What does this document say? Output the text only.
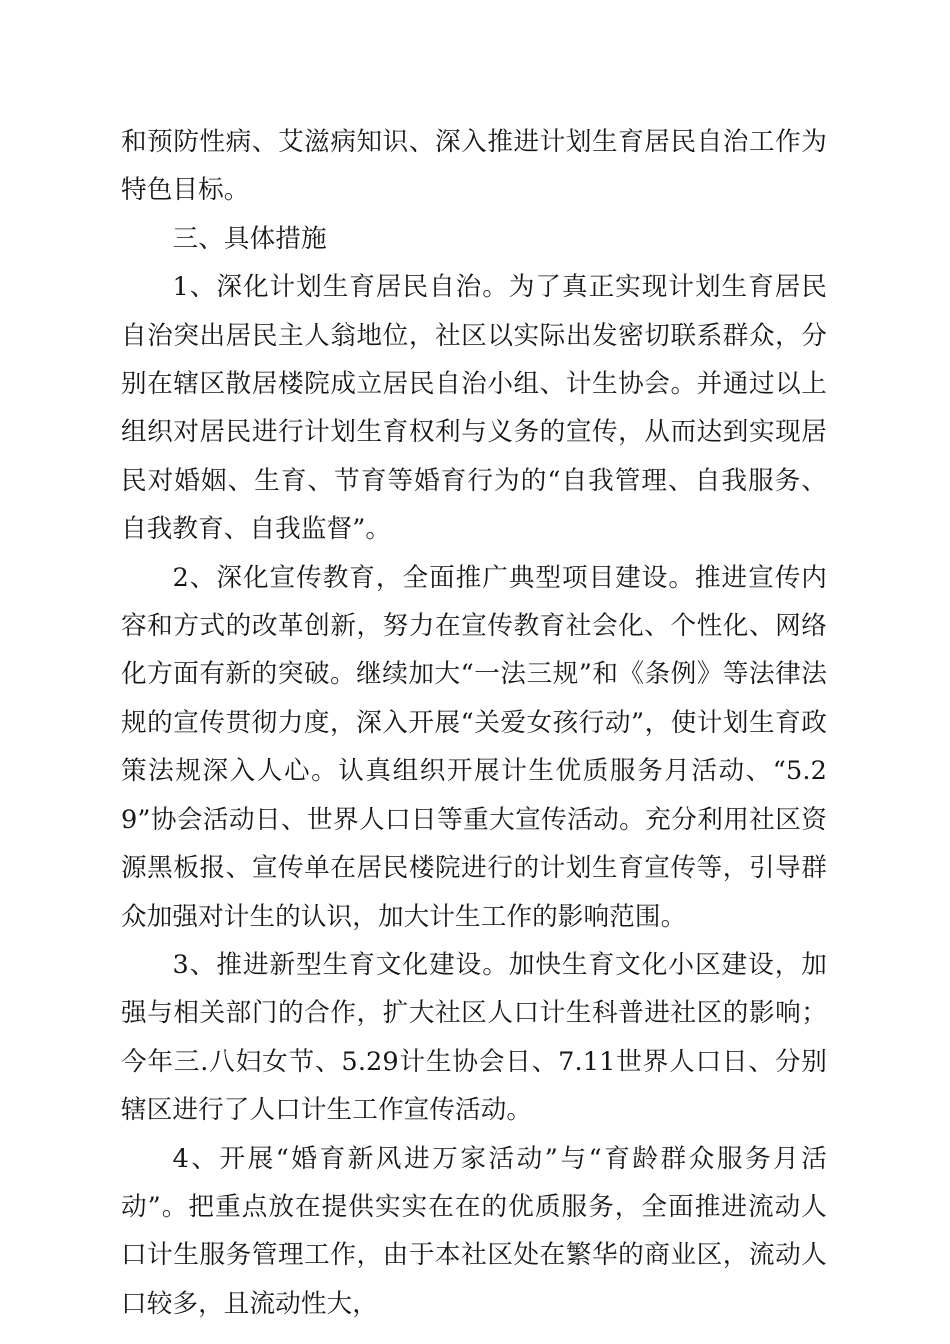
和预防性病、艾滋病知识、深入推进计划生育居民自治工作为特色目标。

三、具体措施

1、深化计划生育居民自治。为了真正实现计划生育居民自治突出居民主人翁地位，社区以实际出发密切联系群众，分别在辖区散居楼院成立居民自治小组、计生协会。并通过以上组织对居民进行计划生育权利与义务的宣传，从而达到实现居民对婚姻、生育、节育等婚育行为的“自我管理、自我服务、自我教育、自我监督”。

2、深化宣传教育，全面推广典型项目建设。推进宣传内容和方式的改革创新，努力在宣传教育社会化、个性化、网络化方面有新的突破。继续加大“一法三规”和《条例》等法律法规的宣传贯彻力度，深入开展“关爱女孩行动”，使计划生育政策法规深入人心。认真组织开展计生优质服务月活动、“5.29”协会活动日、世界人口日等重大宣传活动。充分利用社区资源黑板报、宣传单在居民楼院进行的计划生育宣传等，引导群众加强对计生的认识，加大计生工作的影响范围。

3、推进新型生育文化建设。加快生育文化小区建设，加强与相关部门的合作，扩大社区人口计生科普进社区的影响；今年三.八妇女节、5.29计生协会日、7.11世界人口日、分别辖区进行了人口计生工作宣传活动。

4、开展“婚育新风进万家活动”与“育龄群众服务月活动”。把重点放在提供实实在在的优质服务，全面推进流动人口计生服务管理工作，由于本社区处在繁华的商业区，流动人口较多，且流动性大，
